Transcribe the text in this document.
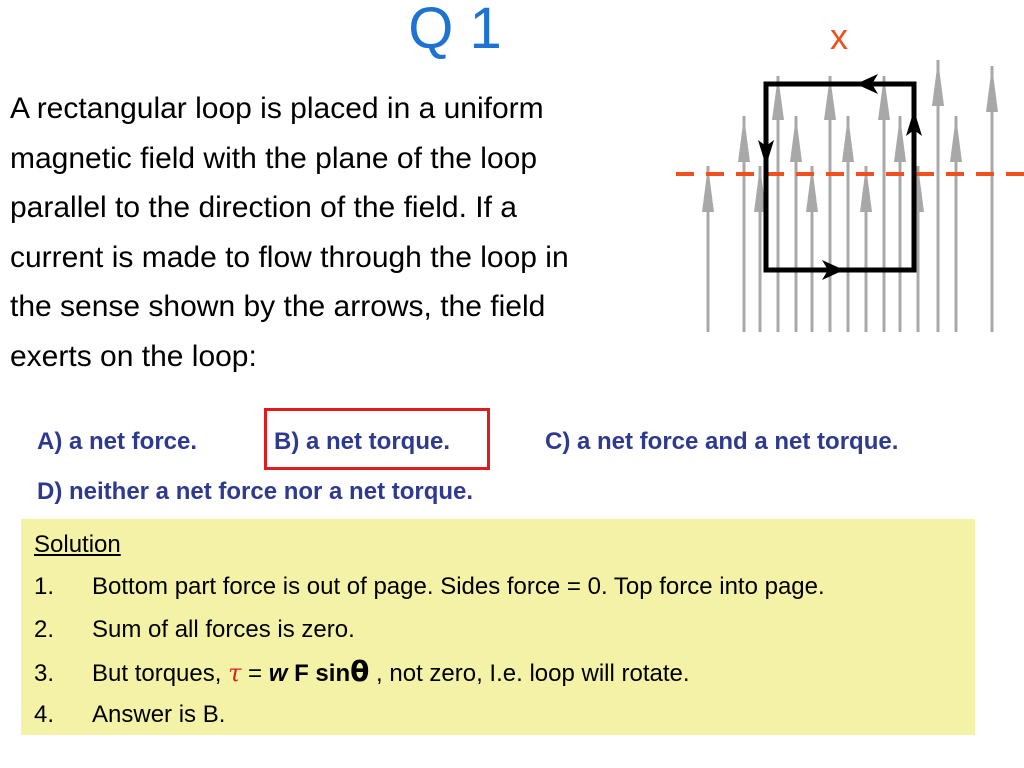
Q 1
A rectangular loop is placed in a uniform
magnetic field with the plane of the loop
parallel to the direction of the field. If a
current is made to flow through the loop in
the sense shown by the arrows, the field
exerts on the loop:
x
A) a net force.	B) a net torque.	C) a net force and a net torque.
D) neither a net force nor a net torque.
Solution
1. Bottom part force is out of page. Sides force = 0. Top force into page.
2. Sum of all forces is zero.
3. But torques, τ = w F sinθ , not zero, I.e. loop will rotate.
4. Answer is B.
